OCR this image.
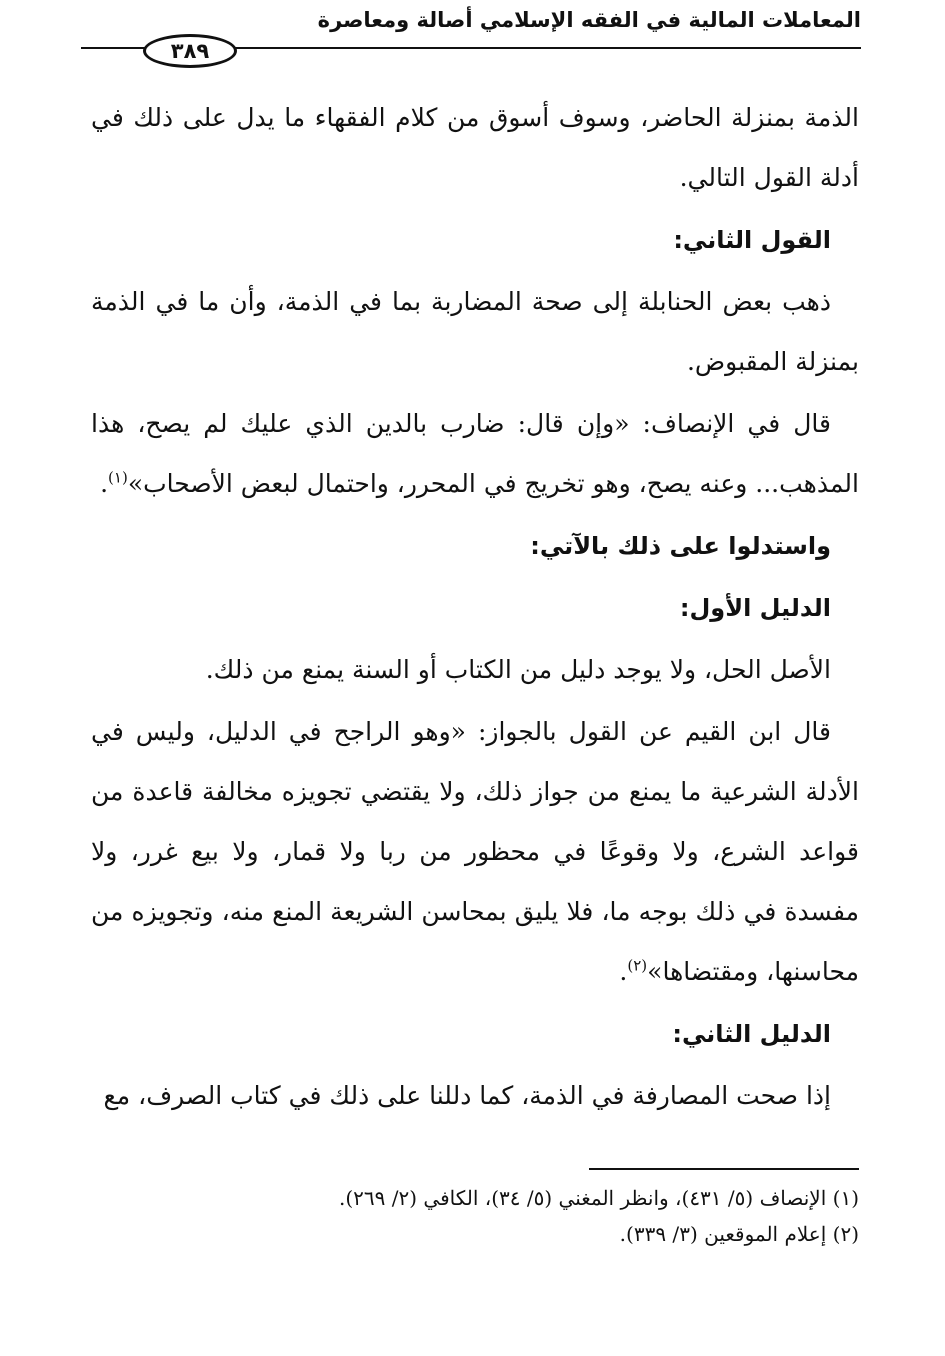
المعاملات المالية في الفقه الإسلامي أصالة ومعاصرة
٣٨٩

الذمة بمنزلة الحاضر، وسوف أسوق من كلام الفقهاء ما يدل على ذلك في أدلة القول التالي.

القول الثاني:

ذهب بعض الحنابلة إلى صحة المضاربة بما في الذمة، وأن ما في الذمة بمنزلة المقبوض.

قال في الإنصاف: «وإن قال: ضارب بالدين الذي عليك لم يصح، هذا المذهب... وعنه يصح، وهو تخريج في المحرر، واحتمال لبعض الأصحاب»$^{(١)}$.

واستدلوا على ذلك بالآتي:

الدليل الأول:

الأصل الحل، ولا يوجد دليل من الكتاب أو السنة يمنع من ذلك.

قال ابن القيم عن القول بالجواز: «وهو الراجح في الدليل، وليس في الأدلة الشرعية ما يمنع من جواز ذلك، ولا يقتضي تجويزه مخالفة قاعدة من قواعد الشرع، ولا وقوعًا في محظور من ربا ولا قمار، ولا بيع غرر، ولا مفسدة في ذلك بوجه ما، فلا يليق بمحاسن الشريعة المنع منه، وتجويزه من محاسنها، ومقتضاها»$^{(٢)}$.

الدليل الثاني:

إذا صحت المصارفة في الذمة، كما دللنا على ذلك في كتاب الصرف، مع

(١) الإنصاف (٥/ ٤٣١)، وانظر المغني (٥/ ٣٤)، الكافي (٢/ ٢٦٩).
(٢) إعلام الموقعين (٣/ ٣٣٩).
